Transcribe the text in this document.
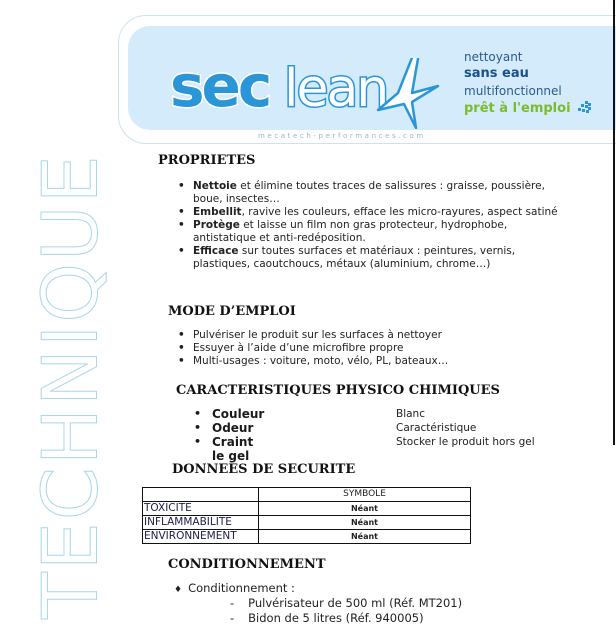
sec lean
nettoyant
sans eau
multifonctionnel
prêt à l'emploi
mecatech-performances.com
TECHNIQUE	PROPRIETES
• Nettoie et élimine toutes traces de salissures : graisse, poussière, boue, insectes…
• Embellit, ravive les couleurs, efface les micro-rayures, aspect satiné
• Protège et laisse un film non gras protecteur, hydrophobe, antistatique et anti-redéposition.
• Efficace sur toutes surfaces et matériaux : peintures, vernis, plastiques, caoutchoucs, métaux (aluminium, chrome…)
MODE D’EMPLOI
• Pulvériser le produit sur les surfaces à nettoyer
• Essuyer à l’aide d’une microfibre propre
• Multi-usages : voiture, moto, vélo, PL, bateaux…
CARACTERISTIQUES PHYSICO CHIMIQUES
• Couleur	Blanc
• Odeur	Caractéristique
• Craint le gel
Stocker le produit hors gel
DONNEES DE SECURITE
	SYMBOLE
TOXICITE	Néant
INFLAMMABILITE	Néant
ENVIRONNEMENT	Néant
CONDITIONNEMENT
♦ Conditionnement :
- Pulvérisateur de 500 ml (Réf. MT201)
- Bidon de 5 litres (Réf. 940005)
